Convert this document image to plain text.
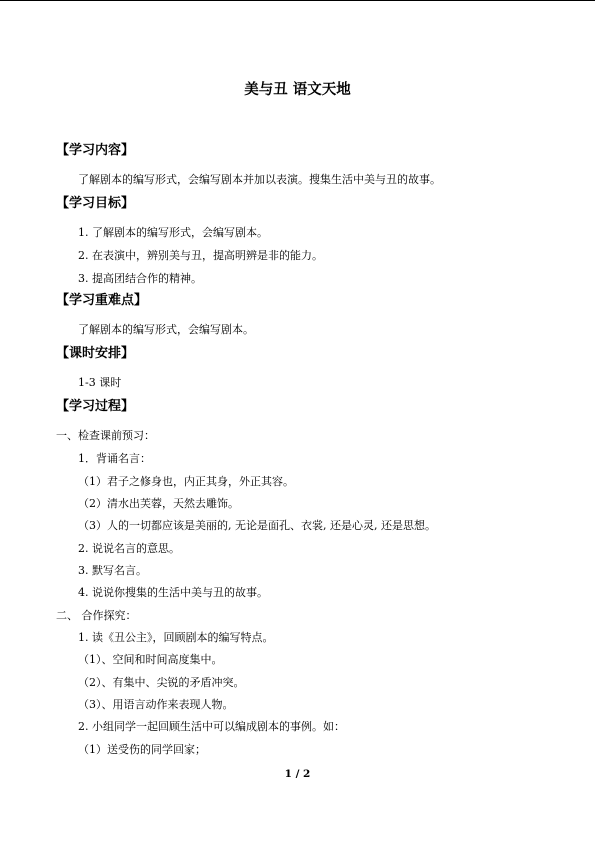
美与丑 语文天地
【学习内容】
了解剧本的编写形式，会编写剧本并加以表演。搜集生活中美与丑的故事。
【学习目标】
1. 了解剧本的编写形式，会编写剧本。
2. 在表演中，辨别美与丑，提高明辨是非的能力。
3. 提高团结合作的精神。
【学习重难点】
了解剧本的编写形式，会编写剧本。
【课时安排】
1-3 课时
【学习过程】
一、检查课前预习：
1．背诵名言：
（1）君子之修身也，内正其身，外正其容。
（2）清水出芙蓉，天然去雕饰。
（3）人的一切都应该是美丽的, 无论是面孔、衣裳, 还是心灵, 还是思想。
2. 说说名言的意思。
3. 默写名言。
4. 说说你搜集的生活中美与丑的故事。
二、 合作探究：
1. 读《丑公主》，回顾剧本的编写特点。
（1）、空间和时间高度集中。
（2）、有集中、尖锐的矛盾冲突。
（3）、用语言动作来表现人物。
2. 小组同学一起回顾生活中可以编成剧本的事例。如：
（1）送受伤的同学回家；
1 / 2
